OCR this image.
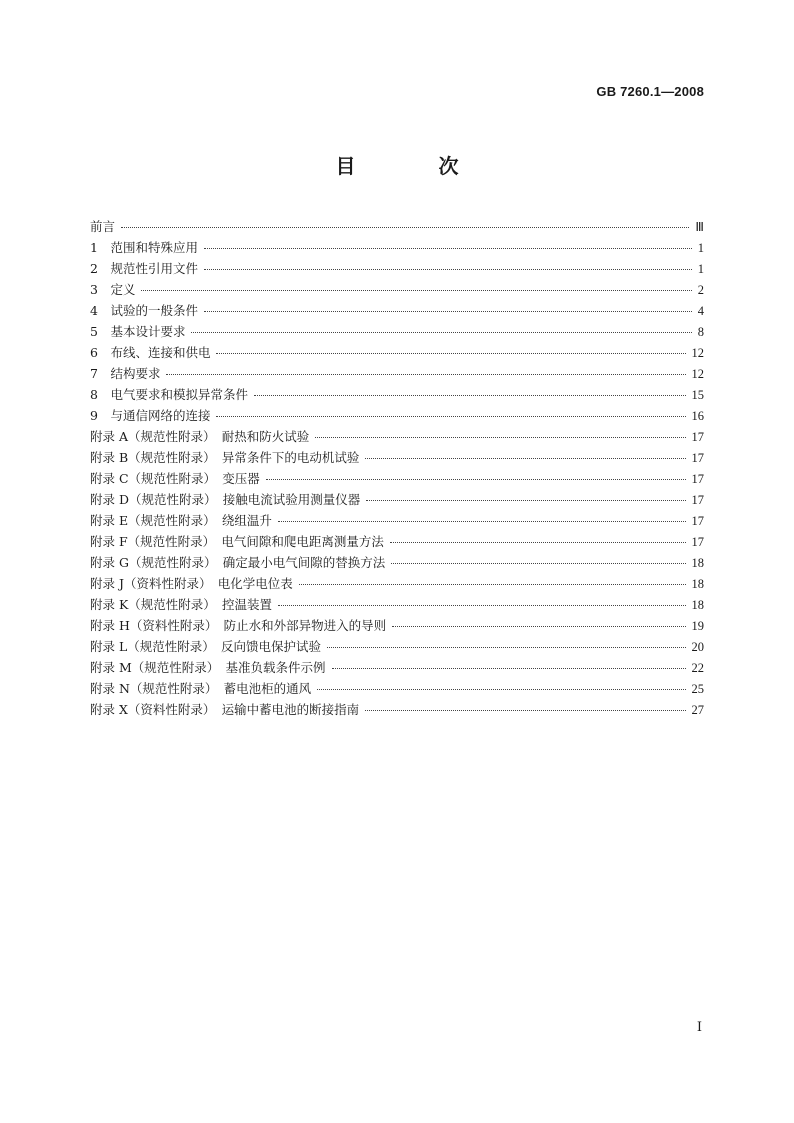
GB 7260.1—2008
目 次
前言	Ⅲ
1　范围和特殊应用	1
2　规范性引用文件	1
3　定义	2
4　试验的一般条件	4
5　基本设计要求	8
6　布线、连接和供电	12
7　结构要求	12
8　电气要求和模拟异常条件	15
9　与通信网络的连接	16
附录 A（规范性附录）　耐热和防火试验	17
附录 B（规范性附录）　异常条件下的电动机试验	17
附录 C（规范性附录）　变压器	17
附录 D（规范性附录）　接触电流试验用测量仪器	17
附录 E（规范性附录）　绕组温升	17
附录 F（规范性附录）　电气间隙和爬电距离测量方法	17
附录 G（规范性附录）　确定最小电气间隙的替换方法	18
附录 J（资料性附录）　电化学电位表	18
附录 K（规范性附录）　控温装置	18
附录 H（资料性附录）　防止水和外部异物进入的导则	19
附录 L（规范性附录）　反向馈电保护试验	20
附录 M（规范性附录）　基准负载条件示例	22
附录 N（规范性附录）　蓄电池柜的通风	25
附录 X（资料性附录）　运输中蓄电池的断接指南	27
I
